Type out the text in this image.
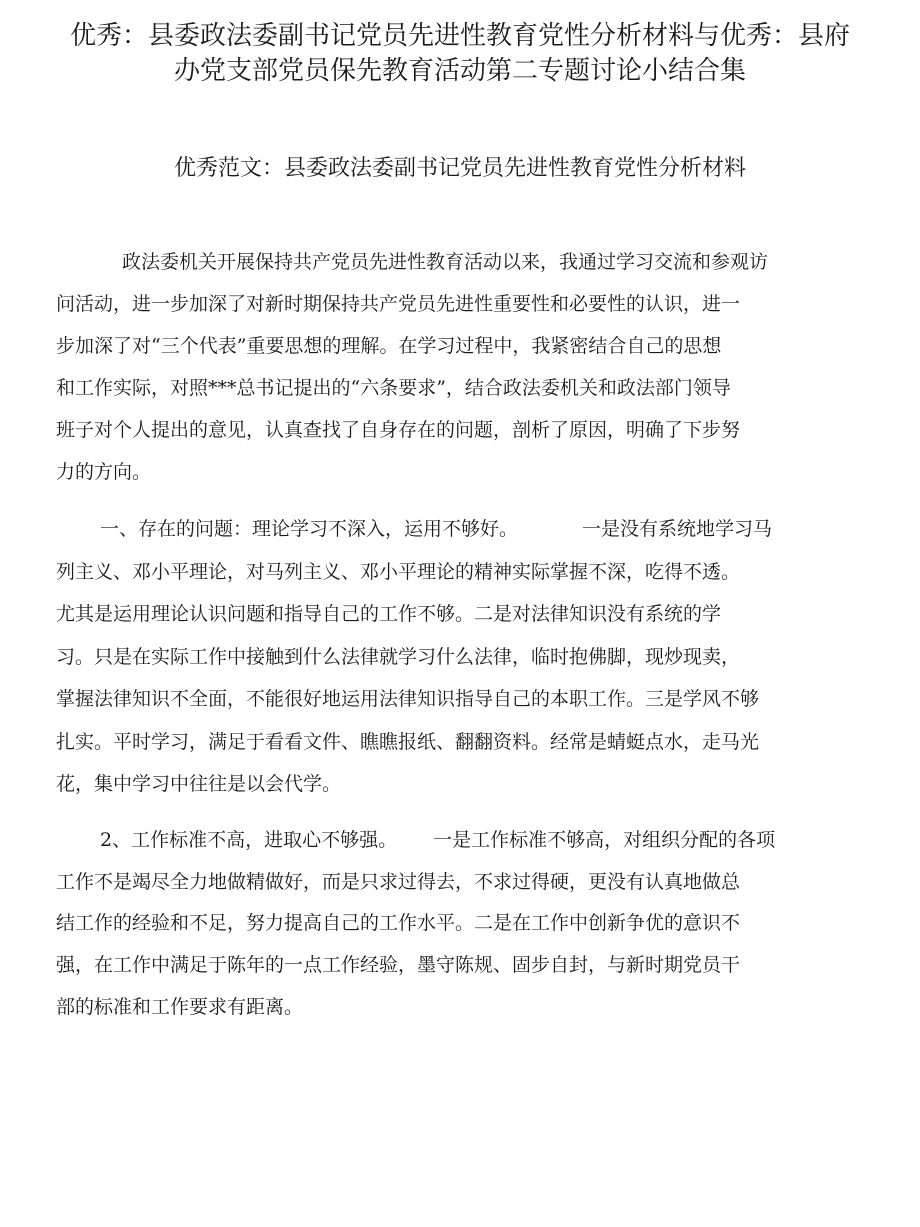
优秀：县委政法委副书记党员先进性教育党性分析材料与优秀：县府
办党支部党员保先教育活动第二专题讨论小结合集
优秀范文：县委政法委副书记党员先进性教育党性分析材料

政法委机关开展保持共产党员先进性教育活动以来，我通过学习交流和参观访

问活动，进一步加深了对新时期保持共产党员先进性重要性和必要性的认识，进一

步加深了对“三个代表”重要思想的理解。在学习过程中，我紧密结合自己的思想

和工作实际，对照***总书记提出的“六条要求”，结合政法委机关和政法部门领导

班子对个人提出的意见，认真查找了自身存在的问题，剖析了原因，明确了下步努

力的方向。

一、存在的问题：理论学习不深入，运用不够好。	一是没有系统地学习马

列主义、邓小平理论，对马列主义、邓小平理论的精神实际掌握不深，吃得不透。

尤其是运用理论认识问题和指导自己的工作不够。二是对法律知识没有系统的学

习。只是在实际工作中接触到什么法律就学习什么法律，临时抱佛脚，现炒现卖，

掌握法律知识不全面，不能很好地运用法律知识指导自己的本职工作。三是学风不够

扎实。平时学习，满足于看看文件、瞧瞧报纸、翻翻资料。经常是蜻蜓点水，走马光

花，集中学习中往往是以会代学。

2、工作标准不高，进取心不够强。 一是工作标准不够高，对组织分配的各项

工作不是竭尽全力地做精做好，而是只求过得去，不求过得硬，更没有认真地做总

结工作的经验和不足，努力提高自己的工作水平。二是在工作中创新争优的意识不

强，在工作中满足于陈年的一点工作经验，墨守陈规、固步自封，与新时期党员干

部的标准和工作要求有距离。
